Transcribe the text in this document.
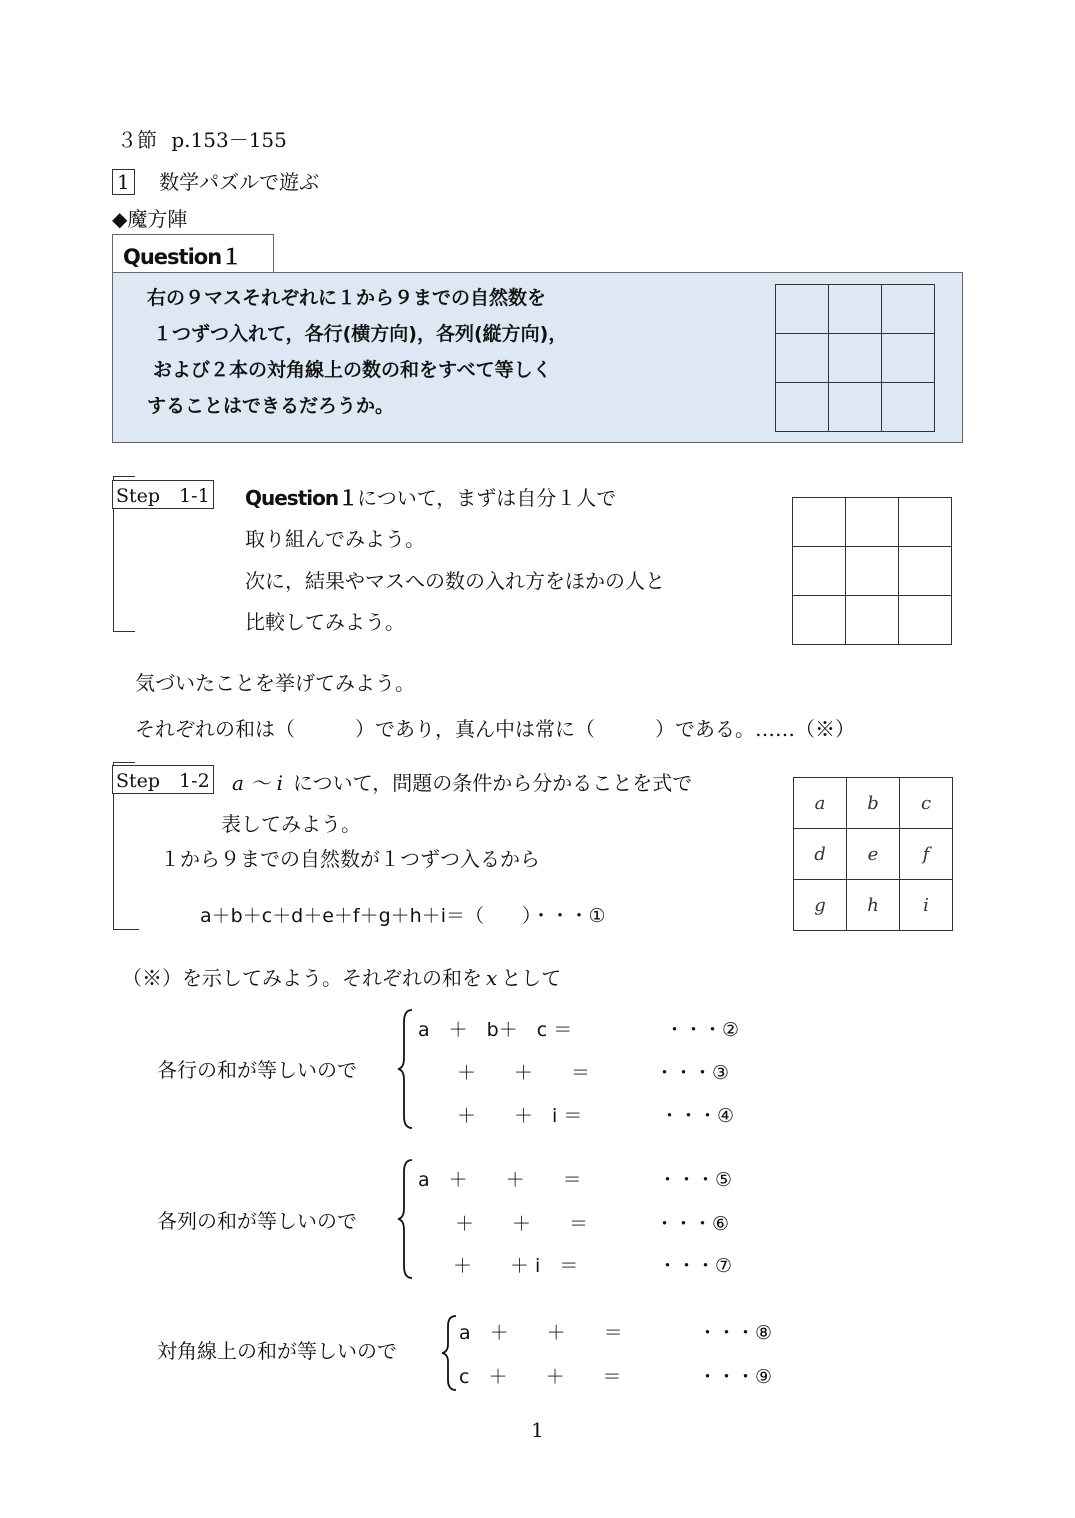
３節 p.153－155
1 数学パズルで遊ぶ
◆魔方陣
Question１
右の９マスそれぞれに１から９までの自然数を
１つずつ入れて，各行(横方向)，各列(縦方向)，
および２本の対角線上の数の和をすべて等しく
することはできるだろうか。

Step　1-1 Question１について，まずは自分１人で
取り組んでみよう。
次に，結果やマスへの数の入れ方をほかの人と
比較してみよう。

気づいたことを挙げてみよう。
それぞれの和は（　　　）であり，真ん中は常に（　　　）である。……（※）
Step　1-2 a ～ i について，問題の条件から分かることを式で
表してみよう。
１から９までの自然数が１つずつ入るから
a＋b＋c＋d＋e＋f＋g＋h＋i＝（　　）・・・①
a	b	c
d	e	f
g	h	i
（※）を示してみよう。それぞれの和を x として
各行の和が等しいので
a　＋　b＋　c ＝	・・・②
＋　　＋　　＝	・・・③
＋　　＋　i ＝	・・・④
各列の和が等しいので
a　＋　　＋　　＝	・・・⑤
＋　　＋　　＝	・・・⑥
＋　　＋ i　＝	・・・⑦
対角線上の和が等しいので
a　＋　　＋　　＝	・・・⑧
c　＋　　＋　　＝	・・・⑨
1
